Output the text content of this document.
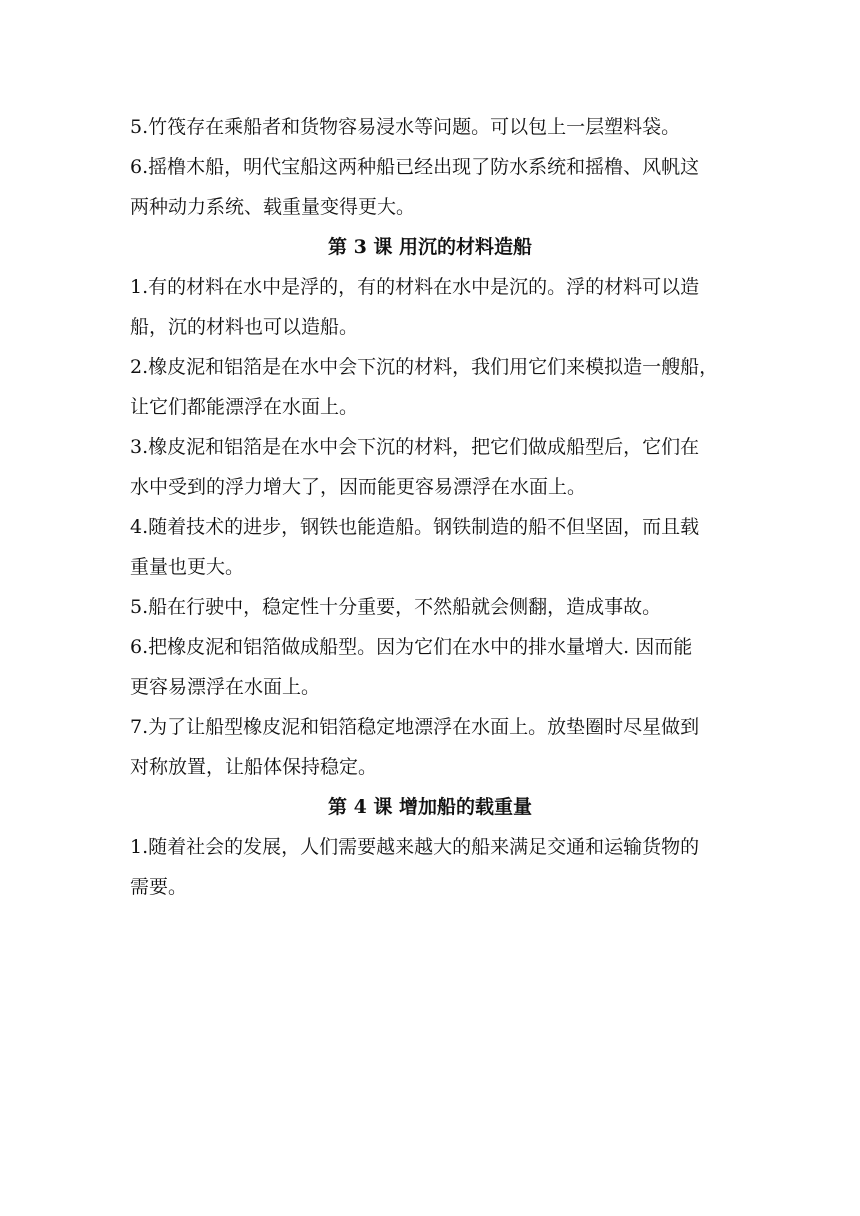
5.竹筏存在乘船者和货物容易浸水等问题。可以包上一层塑料袋。
6.摇橹木船，明代宝船这两种船已经出现了防水系统和摇橹、风帆这
两种动力系统、载重量变得更大。
第 3 课 用沉的材料造船
1.有的材料在水中是浮的，有的材料在水中是沉的。浮的材料可以造
船，沉的材料也可以造船。
2.橡皮泥和铝箔是在水中会下沉的材料，我们用它们来模拟造一艘船，
让它们都能漂浮在水面上。
3.橡皮泥和铝箔是在水中会下沉的材料，把它们做成船型后，它们在
水中受到的浮力增大了，因而能更容易漂浮在水面上。
4.随着技术的进步，钢铁也能造船。钢铁制造的船不但坚固，而且载
重量也更大。
5.船在行驶中，稳定性十分重要，不然船就会侧翻，造成事故。
6.把橡皮泥和铝箔做成船型。因为它们在水中的排水量增大. 因而能
更容易漂浮在水面上。
7.为了让船型橡皮泥和铝箔稳定地漂浮在水面上。放垫圈时尽星做到
对称放置，让船体保持稳定。
第 4 课 增加船的载重量
1.随着社会的发展，人们需要越来越大的船来满足交通和运输货物的
需要。
